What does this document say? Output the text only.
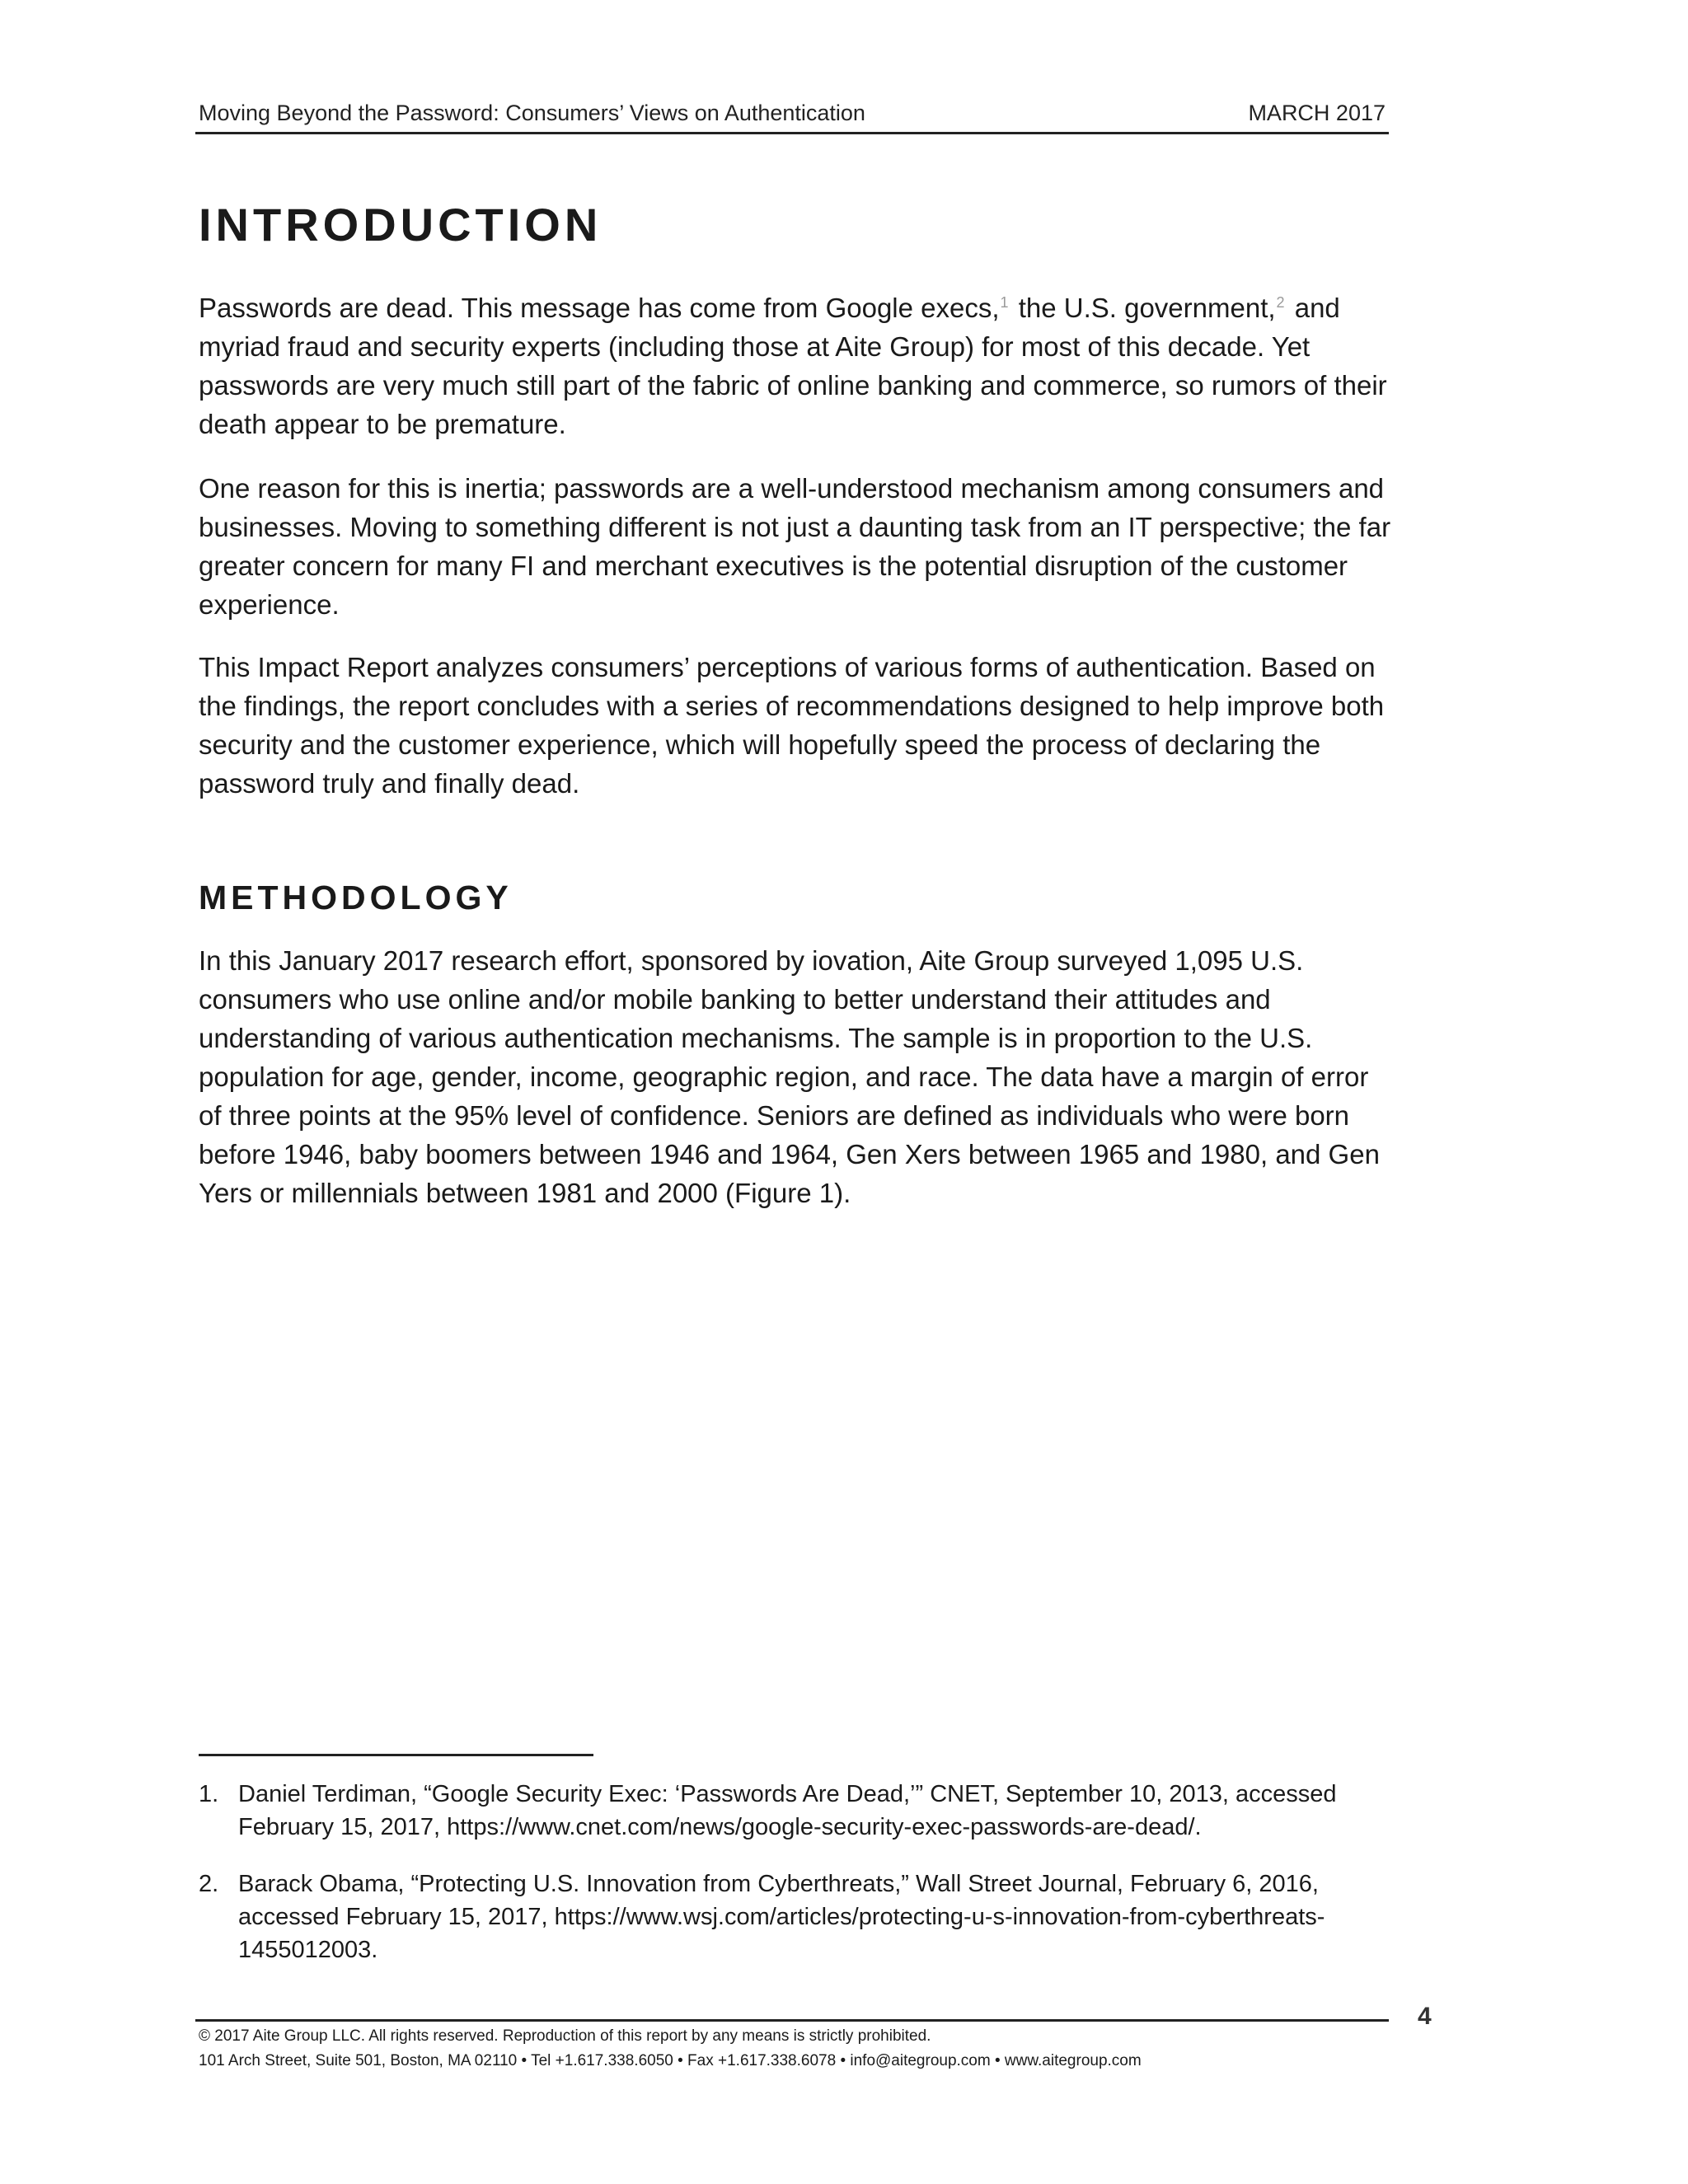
Moving Beyond the Password: Consumers’ Views on Authentication	MARCH 2017
INTRODUCTION

Passwords are dead. This message has come from Google execs,$^1$ the U.S. government,$^2$ and myriad fraud and security experts (including those at Aite Group) for most of this decade. Yet passwords are very much still part of the fabric of online banking and commerce, so rumors of their death appear to be premature.

One reason for this is inertia; passwords are a well-understood mechanism among consumers and businesses. Moving to something different is not just a daunting task from an IT perspective; the far greater concern for many FI and merchant executives is the potential disruption of the customer experience.

This Impact Report analyzes consumers’ perceptions of various forms of authentication. Based on the findings, the report concludes with a series of recommendations designed to help improve both security and the customer experience, which will hopefully speed the process of declaring the password truly and finally dead.

METHODOLOGY

In this January 2017 research effort, sponsored by iovation, Aite Group surveyed 1,095 U.S. consumers who use online and/or mobile banking to better understand their attitudes and understanding of various authentication mechanisms. The sample is in proportion to the U.S. population for age, gender, income, geographic region, and race. The data have a margin of error of three points at the 95% level of confidence. Seniors are defined as individuals who were born before 1946, baby boomers between 1946 and 1964, Gen Xers between 1965 and 1980, and Gen Yers or millennials between 1981 and 2000 (Figure 1).

1. Daniel Terdiman, “Google Security Exec: ‘Passwords Are Dead,’” CNET, September 10, 2013, accessed February 15, 2017, https://www.cnet.com/news/google-security-exec-passwords-are-dead/.
2. Barack Obama, “Protecting U.S. Innovation from Cyberthreats,” Wall Street Journal, February 6, 2016, accessed February 15, 2017, https://www.wsj.com/articles/protecting-u-s-innovation-from-cyberthreats-1455012003.
4
© 2017 Aite Group LLC. All rights reserved. Reproduction of this report by any means is strictly prohibited.
101 Arch Street, Suite 501, Boston, MA 02110 • Tel +1.617.338.6050 • Fax +1.617.338.6078 • info@aitegroup.com • www.aitegroup.com
